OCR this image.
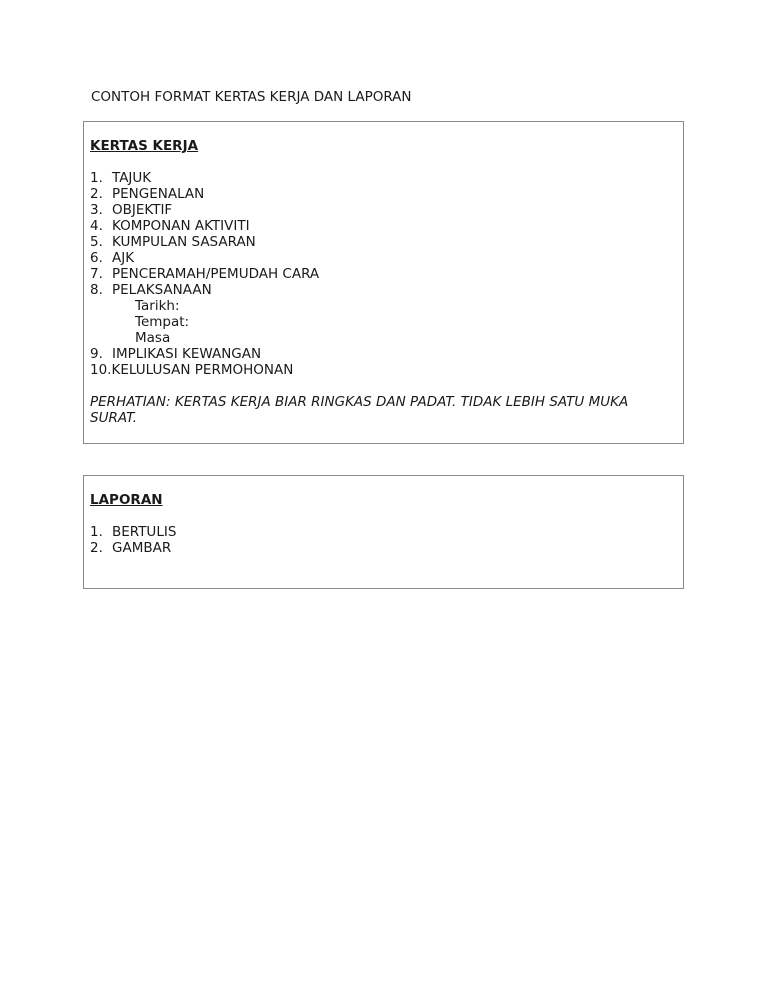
CONTOH FORMAT KERTAS KERJA DAN LAPORAN
KERTAS KERJA
1. TAJUK
2. PENGENALAN
3. OBJEKTIF
4. KOMPONAN AKTIVITI
5. KUMPULAN SASARAN
6. AJK
7. PENCERAMAH/PEMUDAH CARA
8. PELAKSANAAN
Tarikh:
Tempat:
Masa
9. IMPLIKASI KEWANGAN
10. KELULUSAN PERMOHONAN
PERHATIAN: KERTAS KERJA BIAR RINGKAS DAN PADAT. TIDAK LEBIH SATU MUKA SURAT.
LAPORAN
1. BERTULIS
2. GAMBAR
